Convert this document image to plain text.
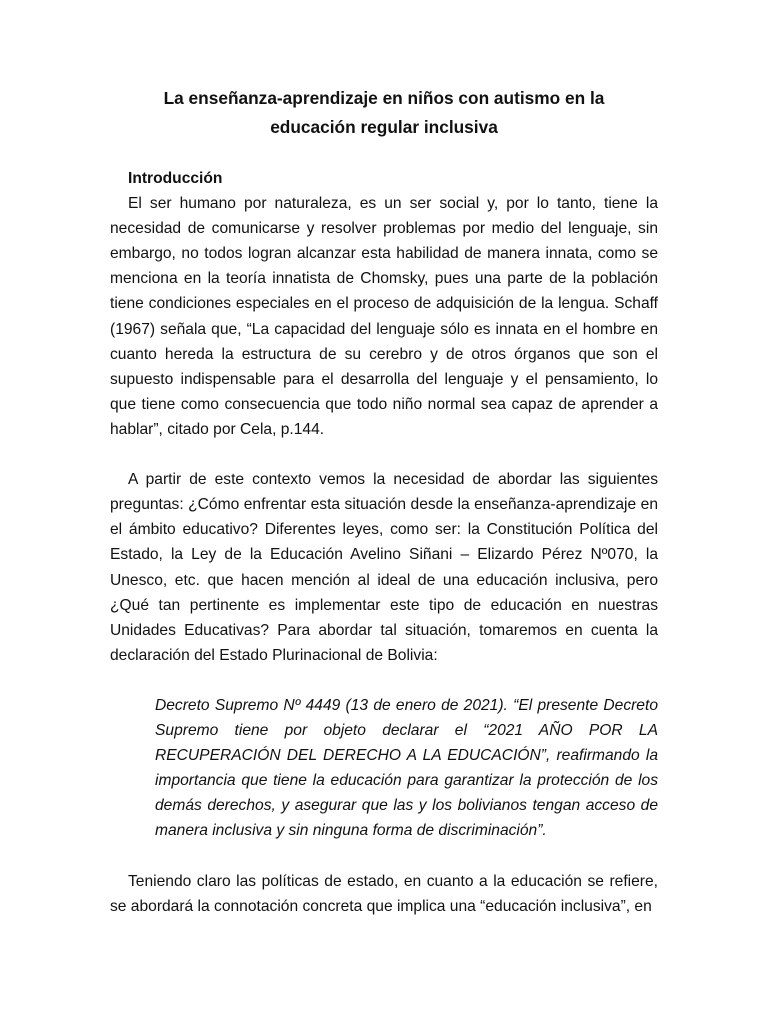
La enseñanza-aprendizaje en niños con autismo en la
educación regular inclusiva
Introducción

El ser humano por naturaleza, es un ser social y, por lo tanto, tiene la necesidad de comunicarse y resolver problemas por medio del lenguaje, sin embargo, no todos logran alcanzar esta habilidad de manera innata, como se menciona en la teoría innatista de Chomsky, pues una parte de la población tiene condiciones especiales en el proceso de adquisición de la lengua. Schaff (1967) señala que, “La capacidad del lenguaje sólo es innata en el hombre en cuanto hereda la estructura de su cerebro y de otros órganos que son el supuesto indispensable para el desarrolla del lenguaje y el pensamiento, lo que tiene como consecuencia que todo niño normal sea capaz de aprender a hablar”, citado por Cela, p.144.

A partir de este contexto vemos la necesidad de abordar las siguientes preguntas: ¿Cómo enfrentar esta situación desde la enseñanza-aprendizaje en el ámbito educativo? Diferentes leyes, como ser: la Constitución Política del Estado, la Ley de la Educación Avelino Siñani – Elizardo Pérez Nº070, la Unesco, etc. que hacen mención al ideal de una educación inclusiva, pero ¿Qué tan pertinente es implementar este tipo de educación en nuestras Unidades Educativas? Para abordar tal situación, tomaremos en cuenta la declaración del Estado Plurinacional de Bolivia:

Decreto Supremo Nº 4449 (13 de enero de 2021). “El presente Decreto Supremo tiene por objeto declarar el “2021 AÑO POR LA RECUPERACIÓN DEL DERECHO A LA EDUCACIÓN”, reafirmando la importancia que tiene la educación para garantizar la protección de los demás derechos, y asegurar que las y los bolivianos tengan acceso de manera inclusiva y sin ninguna forma de discriminación”.

Teniendo claro las políticas de estado, en cuanto a la educación se refiere, se abordará la connotación concreta que implica una “educación inclusiva”, en
